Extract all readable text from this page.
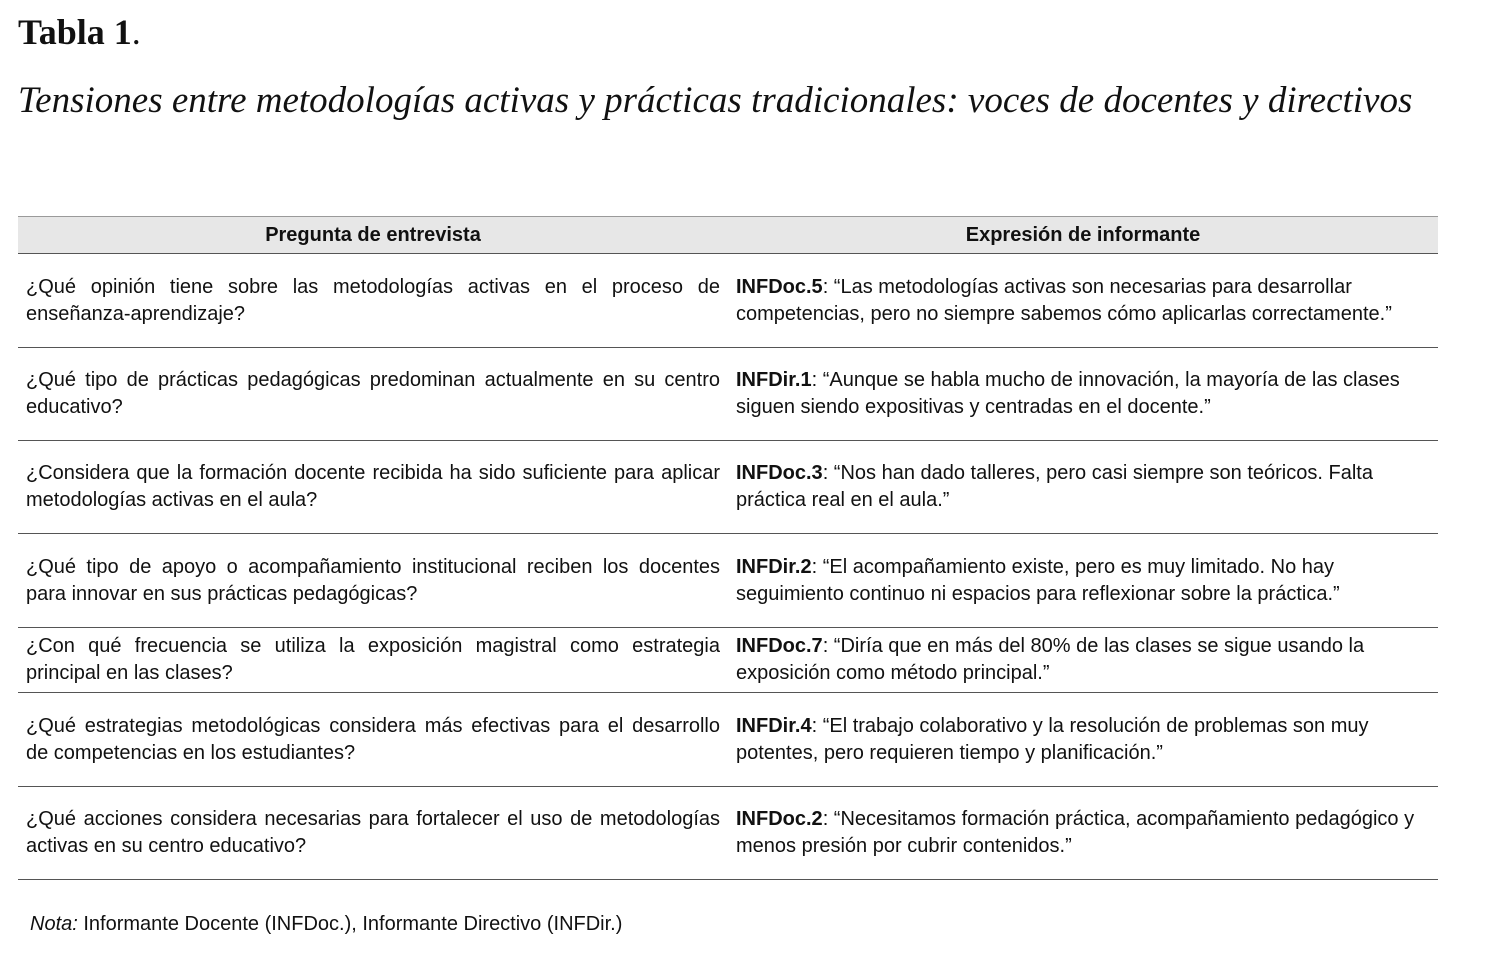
Tabla 1.

Tensiones entre metodologías activas y prácticas tradicionales: voces de docentes y directivos

Pregunta de entrevista	Expresión de informante
¿Qué opinión tiene sobre las metodologías activas en el proceso de enseñanza-aprendizaje?	INFDoc.5: “Las metodologías activas son necesarias para desarrollar competencias, pero no siempre sabemos cómo aplicarlas correctamente.”
¿Qué tipo de prácticas pedagógicas predominan actualmente en su centro educativo?	INFDir.1: “Aunque se habla mucho de innovación, la mayoría de las clases siguen siendo expositivas y centradas en el docente.”
¿Considera que la formación docente recibida ha sido suficiente para aplicar metodologías activas en el aula?	INFDoc.3: “Nos han dado talleres, pero casi siempre son teóricos. Falta práctica real en el aula.”
¿Qué tipo de apoyo o acompañamiento institucional reciben los docentes para innovar en sus prácticas pedagógicas?	INFDir.2: “El acompañamiento existe, pero es muy limitado. No hay seguimiento continuo ni espacios para reflexionar sobre la práctica.”
¿Con qué frecuencia se utiliza la exposición magistral como estrategia principal en las clases?	INFDoc.7: “Diría que en más del 80% de las clases se sigue usando la exposición como método principal.”
¿Qué estrategias metodológicas considera más efectivas para el desarrollo de competencias en los estudiantes?	INFDir.4: “El trabajo colaborativo y la resolución de problemas son muy potentes, pero requieren tiempo y planificación.”
¿Qué acciones considera necesarias para fortalecer el uso de metodologías activas en su centro educativo?	INFDoc.2: “Necesitamos formación práctica, acompañamiento pedagógico y menos presión por cubrir contenidos.”

Nota: Informante Docente (INFDoc.), Informante Directivo (INFDir.)
